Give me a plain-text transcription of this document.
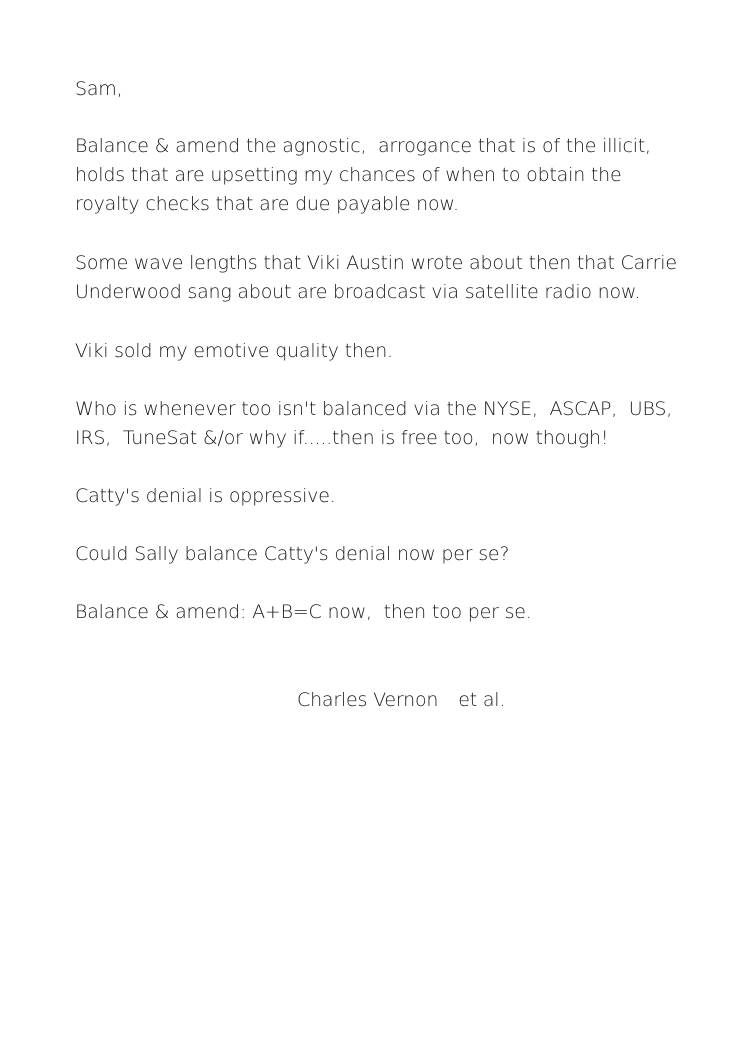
Sam,

Balance & amend the agnostic,  arrogance that is of the illicit,
holds that are upsetting my chances of when to obtain the
royalty checks that are due payable now.

Some wave lengths that Viki Austin wrote about then that Carrie
Underwood sang about are broadcast via satellite radio now.

Viki sold my emotive quality then.

Who is whenever too isn't balanced via the NYSE,  ASCAP,  UBS,
IRS,  TuneSat &/or why if.....then is free too,  now though!

Catty's denial is oppressive.

Could Sally balance Catty's denial now per se?

Balance & amend: A+B=C now,  then too per se.

Charles Vernon et al.
